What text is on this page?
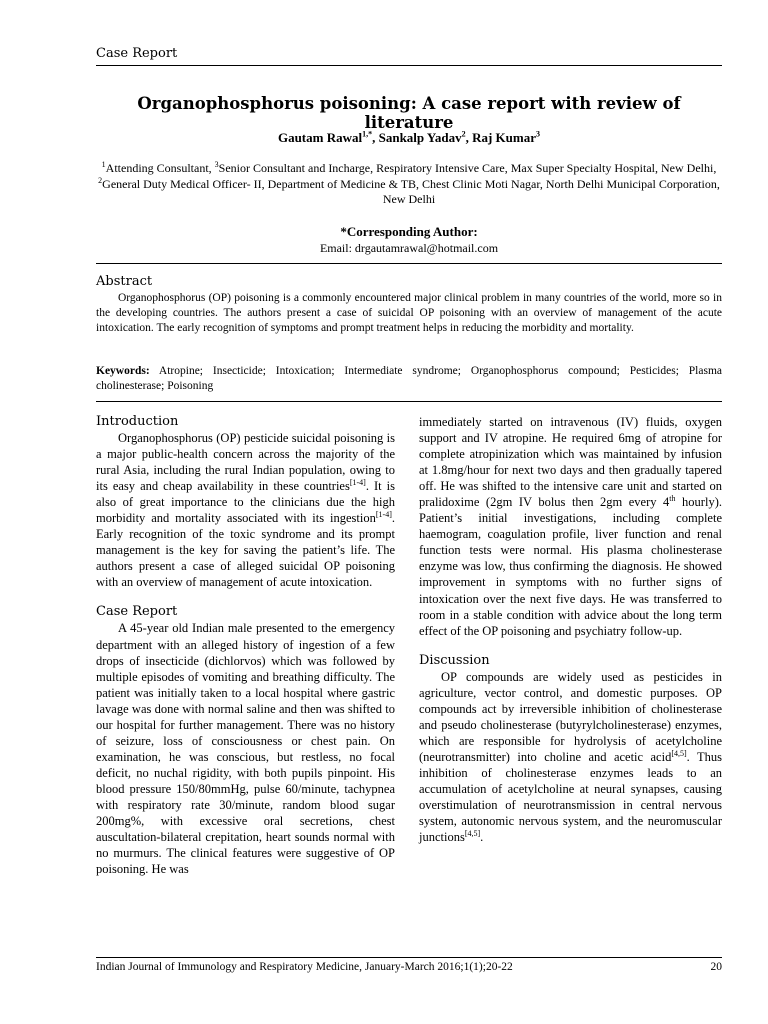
Case Report
Organophosphorus poisoning: A case report with review of literature
Gautam Rawal$^{1,*}$, Sankalp Yadav$^2$, Raj Kumar$^3$
$^1$Attending Consultant, $^3$Senior Consultant and Incharge, Respiratory Intensive Care, Max Super Specialty Hospital, New Delhi, $^2$General Duty Medical Officer- II, Department of Medicine & TB, Chest Clinic Moti Nagar, North Delhi Municipal Corporation, New Delhi
*Corresponding Author:
Email: drgautamrawal@hotmail.com
Abstract

Organophosphorus (OP) poisoning is a commonly encountered major clinical problem in many countries of the world, more so in the developing countries. The authors present a case of suicidal OP poisoning with an overview of management of the acute intoxication. The early recognition of symptoms and prompt treatment helps in reducing the morbidity and mortality.

Keywords: Atropine; Insecticide; Intoxication; Intermediate syndrome; Organophosphorus compound; Pesticides; Plasma cholinesterase; Poisoning

Introduction

Organophosphorus (OP) pesticide suicidal poisoning is a major public-health concern across the majority of the rural Asia, including the rural Indian population, owing to its easy and cheap availability in these countries[1-4]. It is also of great importance to the clinicians due the high morbidity and mortality associated with its ingestion[1-4]. Early recognition of the toxic syndrome and its prompt management is the key for saving the patient’s life. The authors present a case of alleged suicidal OP poisoning with an overview of management of acute intoxication.

Case Report

A 45-year old Indian male presented to the emergency department with an alleged history of ingestion of a few drops of insecticide (dichlorvos) which was followed by multiple episodes of vomiting and breathing difficulty. The patient was initially taken to a local hospital where gastric lavage was done with normal saline and then was shifted to our hospital for further management. There was no history of seizure, loss of consciousness or chest pain. On examination, he was conscious, but restless, no focal deficit, no nuchal rigidity, with both pupils pinpoint. His blood pressure 150/80mmHg, pulse 60/minute, tachypnea with respiratory rate 30/minute, random blood sugar 200mg%, with excessive oral secretions, chest auscultation-bilateral crepitation, heart sounds normal with no murmurs. The clinical features were suggestive of OP poisoning. He was

immediately started on intravenous (IV) fluids, oxygen support and IV atropine. He required 6mg of atropine for complete atropinization which was maintained by infusion at 1.8mg/hour for next two days and then gradually tapered off. He was shifted to the intensive care unit and started on pralidoxime (2gm IV bolus then 2gm every 4th hourly). Patient’s initial investigations, including complete haemogram, coagulation profile, liver function and renal function tests were normal. His plasma cholinesterase enzyme was low, thus confirming the diagnosis. He showed improvement in symptoms with no further signs of intoxication over the next five days. He was transferred to room in a stable condition with advice about the long term effect of the OP poisoning and psychiatry follow-up.

Discussion

OP compounds are widely used as pesticides in agriculture, vector control, and domestic purposes. OP compounds act by irreversible inhibition of cholinesterase and pseudo cholinesterase (butyrylcholinesterase) enzymes, which are responsible for hydrolysis of acetylcholine (neurotransmitter) into choline and acetic acid[4,5]. Thus inhibition of cholinesterase enzymes leads to an accumulation of acetylcholine at neural synapses, causing overstimulation of neurotransmission in central nervous system, autonomic nervous system, and the neuromuscular junctions[4,5].

Indian Journal of Immunology and Respiratory Medicine, January-March 2016;1(1);20-22	20
